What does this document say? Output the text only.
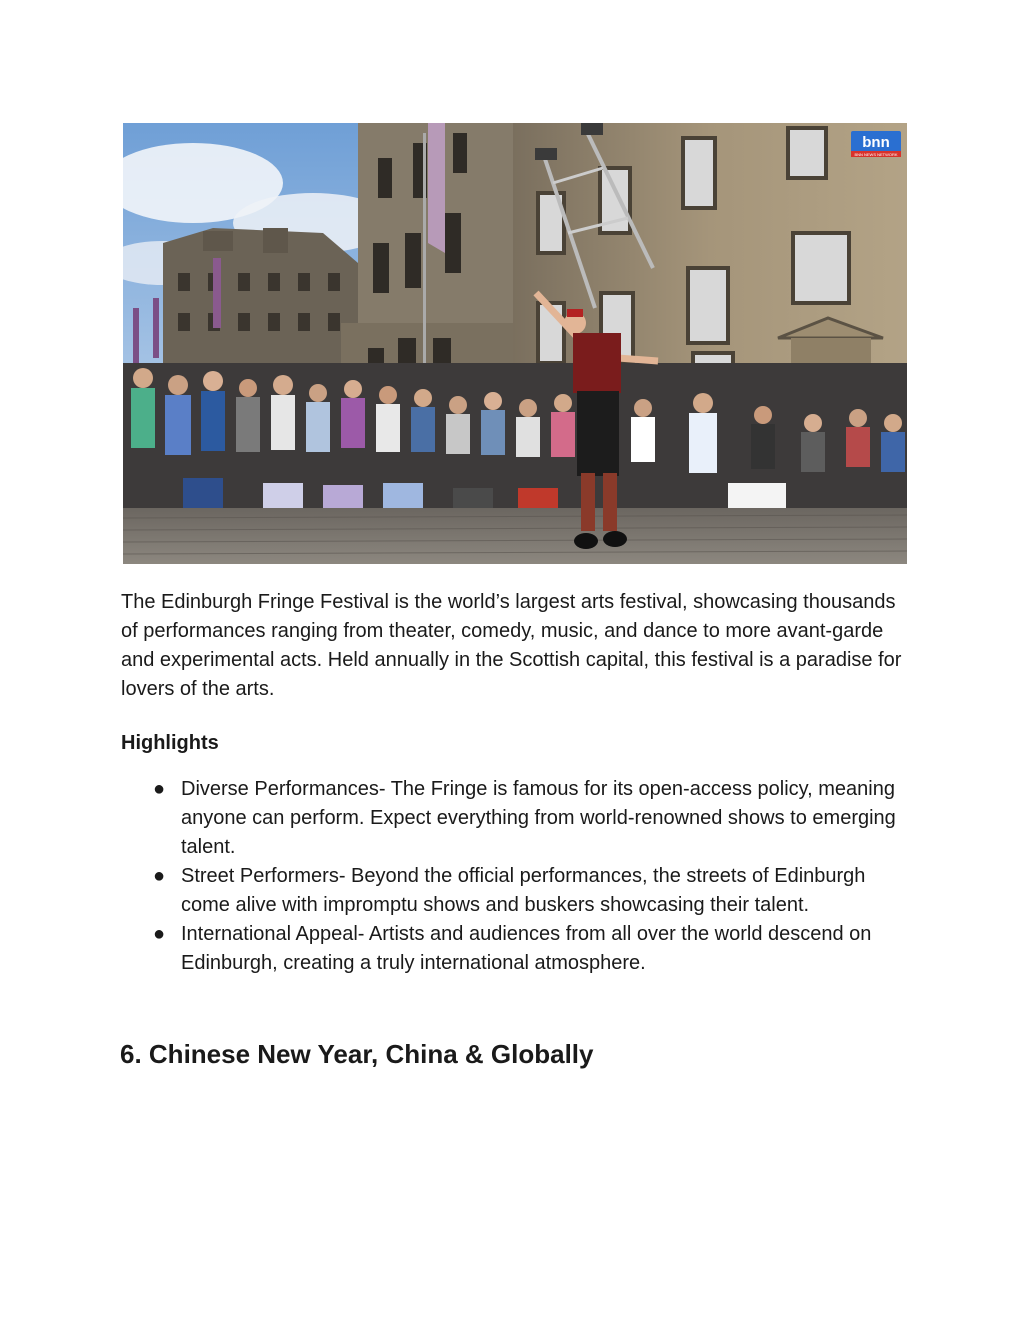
bnn
BNN NEWS NETWORK

The Edinburgh Fringe Festival is the world’s largest arts festival, showcasing thousands of performances ranging from theater, comedy, music, and dance to more avant-garde and experimental acts. Held annually in the Scottish capital, this festival is a paradise for lovers of the arts.

Highlights
● Diverse Performances- The Fringe is famous for its open-access policy, meaning anyone can perform. Expect everything from world-renowned shows to emerging talent.
● Street Performers- Beyond the official performances, the streets of Edinburgh come alive with impromptu shows and buskers showcasing their talent.
● International Appeal- Artists and audiences from all over the world descend on Edinburgh, creating a truly international atmosphere.
6. Chinese New Year, China & Globally
